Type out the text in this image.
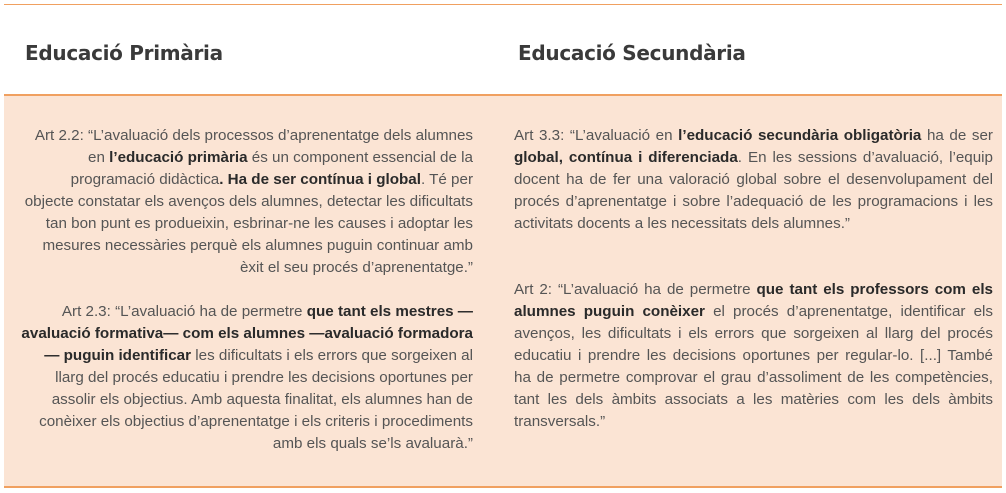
Educació Primària	Educació Secundària
Art 2.2: “L’avaluació dels processos d’aprenentatge dels alumnes en l’educació primària és un component essencial de la programació didàctica. Ha de ser contínua i global. Té per objecte constatar els avenços dels alumnes, detectar les dificultats tan bon punt es produeixin, esbrinar-ne les causes i adoptar les mesures necessàries perquè els alumnes puguin continuar amb èxit el seu procés d’aprenentatge.”
Art 2.3: “L’avaluació ha de permetre que tant els mestres —avaluació formativa— com els alumnes —avaluació formadora— puguin identificar les dificultats i els errors que sorgeixen al llarg del procés educatiu i prendre les decisions oportunes per assolir els objectius. Amb aquesta finalitat, els alumnes han de conèixer els objectius d’aprenentatge i els criteris i procediments amb els quals se’ls avaluarà.”
Art 3.3: “L’avaluació en l’educació secundària obligatòria ha de ser global, contínua i diferenciada. En les sessions d’avaluació, l’equip docent ha de fer una valoració global sobre el desenvolupament del procés d’aprenentatge i sobre l’adequació de les programacions i les activitats docents a les necessitats dels alumnes.”
Art 2: “L’avaluació ha de permetre que tant els professors com els alumnes puguin conèixer el procés d’aprenentatge, identificar els avenços, les dificultats i els errors que sorgeixen al llarg del procés educatiu i prendre les decisions oportunes per regular-lo. [...] També ha de permetre comprovar el grau d’assoliment de les competències, tant les dels àmbits associats a les matèries com les dels àmbits transversals.”
